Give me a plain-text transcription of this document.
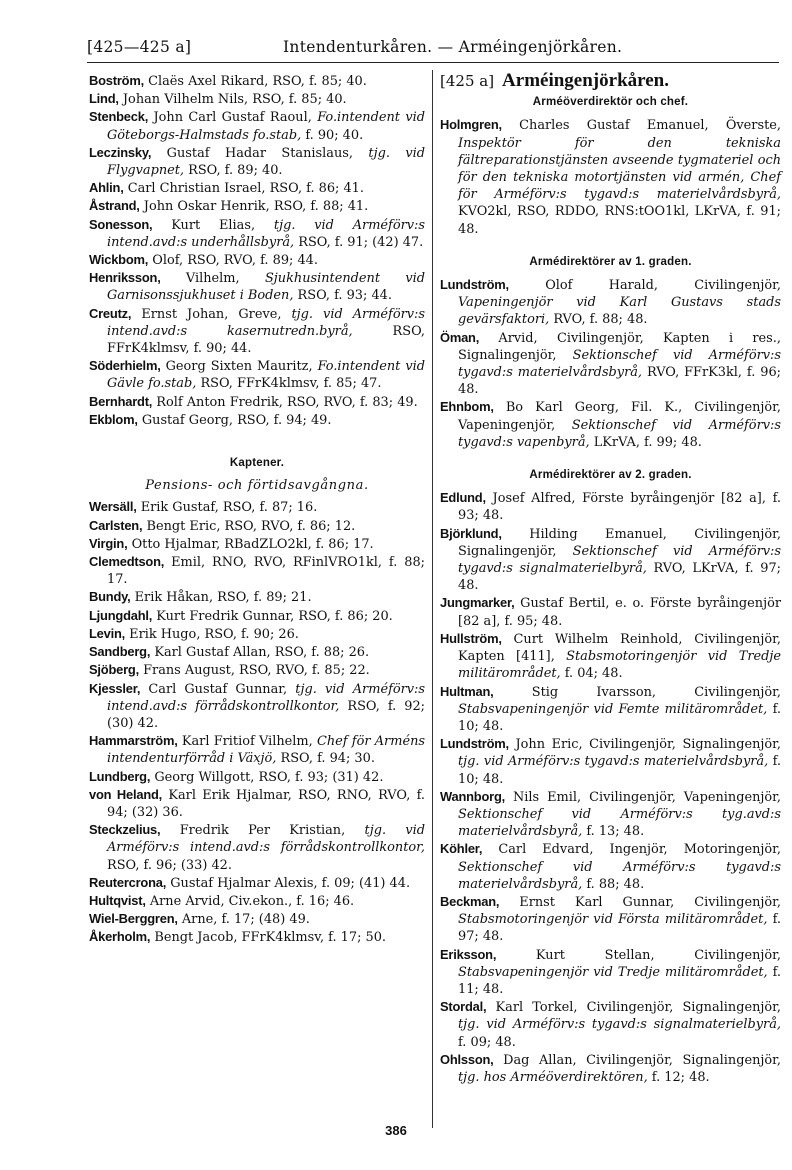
[425—425 a]	Intendenturkåren. — Arméingenjörkåren.
Boström, Claës Axel Rikard, RSO, f. 85; 40.
Lind, Johan Vilhelm Nils, RSO, f. 85; 40.
Stenbeck, John Carl Gustaf Raoul, Fo.intendent vid Göteborgs-Halmstads fo.stab, f. 90; 40.
Leczinsky, Gustaf Hadar Stanislaus, tjg. vid Flygvapnet, RSO, f. 89; 40.
Ahlin, Carl Christian Israel, RSO, f. 86; 41.
Åstrand, John Oskar Henrik, RSO, f. 88; 41.
Sonesson, Kurt Elias, tjg. vid Arméförv:s intend.avd:s underhållsbyrå, RSO, f. 91; (42) 47.
Wickbom, Olof, RSO, RVO, f. 89; 44.
Henriksson, Vilhelm, Sjukhusintendent vid Garnisonssjukhuset i Boden, RSO, f. 93; 44.
Creutz, Ernst Johan, Greve, tjg. vid Arméförv:s intend.avd:s kasernutredn.byrå, RSO, FFrK4klmsv, f. 90; 44.
Söderhielm, Georg Sixten Mauritz, Fo.intendent vid Gävle fo.stab, RSO, FFrK4klmsv, f. 85; 47.
Bernhardt, Rolf Anton Fredrik, RSO, RVO, f. 83; 49.
Ekblom, Gustaf Georg, RSO, f. 94; 49.
Kaptener.
Pensions- och förtidsavgångna.
Wersäll, Erik Gustaf, RSO, f. 87; 16.
Carlsten, Bengt Eric, RSO, RVO, f. 86; 12.
Virgin, Otto Hjalmar, RBadZLO2kl, f. 86; 17.
Clemedtson, Emil, RNO, RVO, RFinlVRO1kl, f. 88; 17.
Bundy, Erik Håkan, RSO, f. 89; 21.
Ljungdahl, Kurt Fredrik Gunnar, RSO, f. 86; 20.
Levin, Erik Hugo, RSO, f. 90; 26.
Sandberg, Karl Gustaf Allan, RSO, f. 88; 26.
Sjöberg, Frans August, RSO, RVO, f. 85; 22.
Kjessler, Carl Gustaf Gunnar, tjg. vid Arméförv:s intend.avd:s förrådskontrollkontor, RSO, f. 92; (30) 42.
Hammarström, Karl Fritiof Vilhelm, Chef för Arméns intendenturförråd i Växjö, RSO, f. 94; 30.
Lundberg, Georg Willgott, RSO, f. 93; (31) 42.
von Heland, Karl Erik Hjalmar, RSO, RNO, RVO, f. 94; (32) 36.
Steckzelius, Fredrik Per Kristian, tjg. vid Arméförv:s intend.avd:s förrådskontrollkontor, RSO, f. 96; (33) 42.
Reutercrona, Gustaf Hjalmar Alexis, f. 09; (41) 44.
Hultqvist, Arne Arvid, Civ.ekon., f. 16; 46.
Wiel-Berggren, Arne, f. 17; (48) 49.
Åkerholm, Bengt Jacob, FFrK4klmsv, f. 17; 50.
[425 a] Arméingenjörkåren.
Arméöverdirektör och chef.
Holmgren, Charles Gustaf Emanuel, Överste, Inspektör för den tekniska fältreparationstjänsten avseende tygmateriel och för den tekniska motortjänsten vid armén, Chef för Arméförv:s tygavd:s materielvårdsbyrå, KVO2kl, RSO, RDDO, RNS:tOO1kl, LKrVA, f. 91; 48.
Armédirektörer av 1. graden.
Lundström, Olof Harald, Civilingenjör, Vapeningenjör vid Karl Gustavs stads gevärsfaktori, RVO, f. 88; 48.
Öman, Arvid, Civilingenjör, Kapten i res., Signalingenjör, Sektionschef vid Arméförv:s tygavd:s materielvårdsbyrå, RVO, FFrK3kl, f. 96; 48.
Ehnbom, Bo Karl Georg, Fil. K., Civilingenjör, Vapeningenjör, Sektionschef vid Arméförv:s tygavd:s vapenbyrå, LKrVA, f. 99; 48.
Armédirektörer av 2. graden.
Edlund, Josef Alfred, Förste byråingenjör [82 a], f. 93; 48.
Björklund, Hilding Emanuel, Civilingenjör, Signalingenjör, Sektionschef vid Arméförv:s tygavd:s signalmaterielbyrå, RVO, LKrVA, f. 97; 48.
Jungmarker, Gustaf Bertil, e. o. Förste byråingenjör [82 a], f. 95; 48.
Hullström, Curt Wilhelm Reinhold, Civilingenjör, Kapten [411], Stabsmotoringenjör vid Tredje militärområdet, f. 04; 48.
Hultman, Stig Ivarsson, Civilingenjör, Stabsvapeningenjör vid Femte militärområdet, f. 10; 48.
Lundström, John Eric, Civilingenjör, Signalingenjör, tjg. vid Arméförv:s tygavd:s materielvårdsbyrå, f. 10; 48.
Wannborg, Nils Emil, Civilingenjör, Vapeningenjör, Sektionschef vid Arméförv:s tyg.avd:s materielvårdsbyrå, f. 13; 48.
Köhler, Carl Edvard, Ingenjör, Motoringenjör, Sektionschef vid Arméförv:s tygavd:s materielvårdsbyrå, f. 88; 48.
Beckman, Ernst Karl Gunnar, Civilingenjör, Stabsmotoringenjör vid Första militärområdet, f. 97; 48.
Eriksson, Kurt Stellan, Civilingenjör, Stabsvapeningenjör vid Tredje militärområdet, f. 11; 48.
Stordal, Karl Torkel, Civilingenjör, Signalingenjör, tjg. vid Arméförv:s tygavd:s signalmaterielbyrå, f. 09; 48.
Ohlsson, Dag Allan, Civilingenjör, Signalingenjör, tjg. hos Arméöverdirektören, f. 12; 48.
386
